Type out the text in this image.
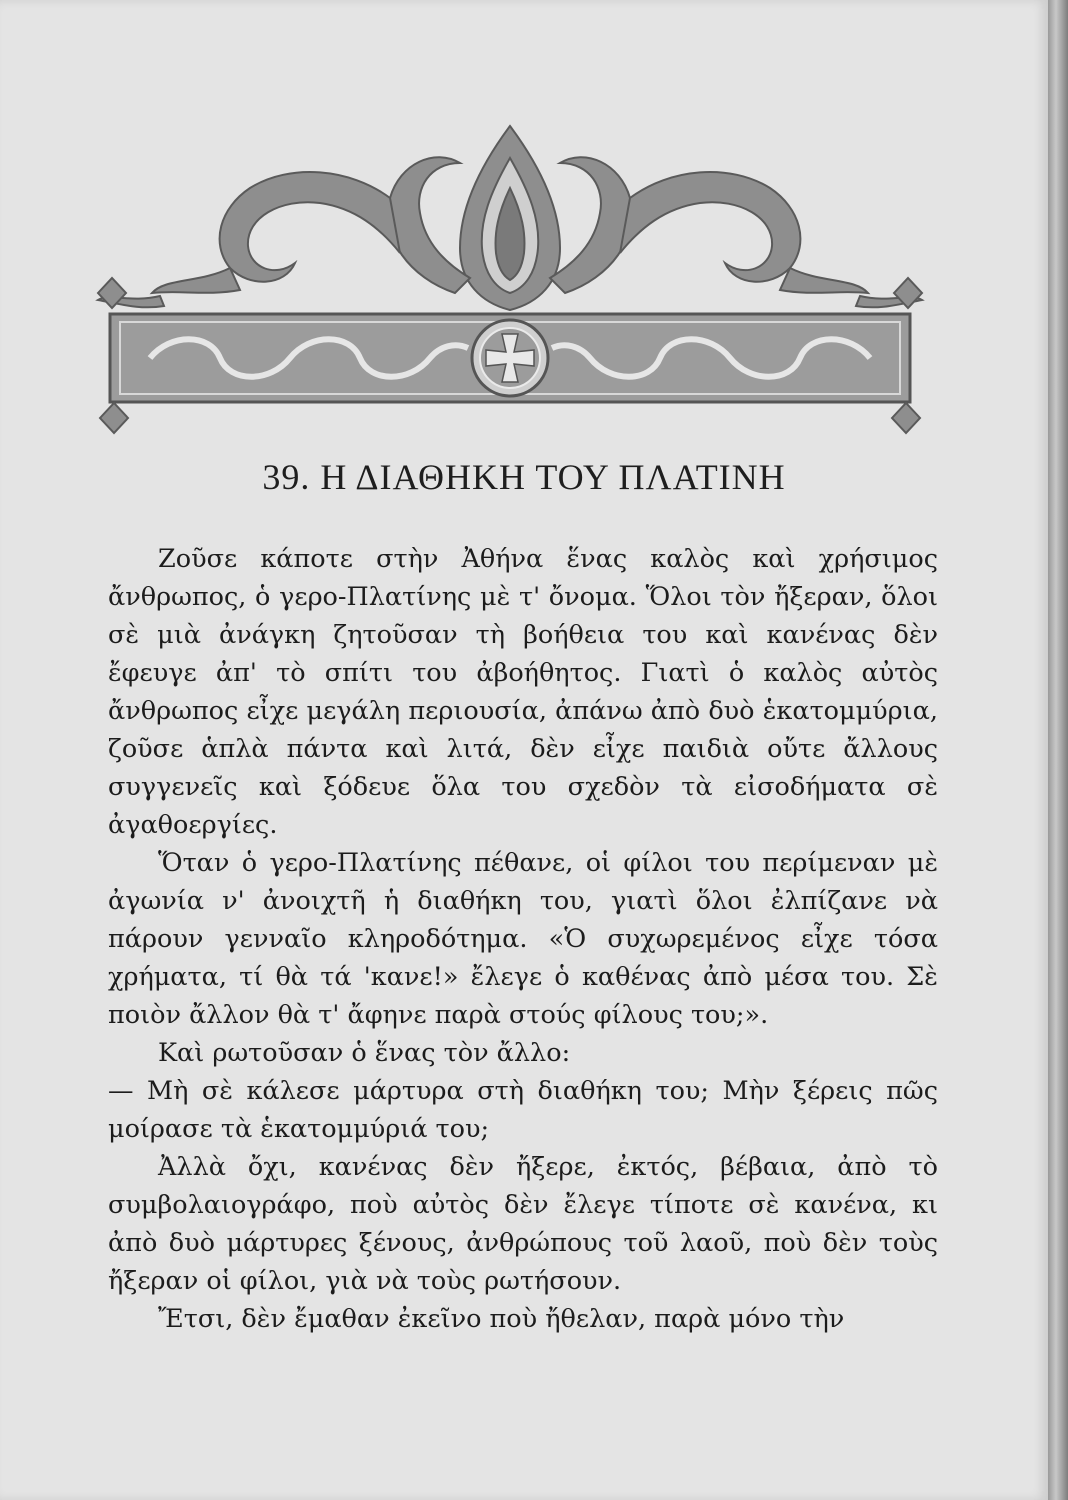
39. Η ΔΙΑΘΗΚΗ ΤΟΥ ΠΛΑΤΙΝΗ

Ζοῦσε κάποτε στὴν Ἀθήνα ἕνας καλὸς καὶ χρήσιμος ἄνθρωπος, ὁ γερο-Πλατίνης μὲ τ' ὄνομα. Ὅλοι τὸν ἤξεραν, ὅλοι σὲ μιὰ ἀνάγκη ζητοῦσαν τὴ βοήθεια του καὶ κανένας δὲν ἔφευγε ἀπ' τὸ σπίτι του ἀβοήθητος. Γιατὶ ὁ καλὸς αὐτὸς ἄνθρωπος εἶχε μεγάλη περιουσία, ἀπάνω ἀπὸ δυὸ ἑκατομμύρια, ζοῦσε ἁπλὰ πάντα καὶ λιτά, δὲν εἶχε παιδιὰ οὔτε ἄλλους συγγενεῖς καὶ ξόδευε ὅλα του σχεδὸν τὰ εἰσοδήματα σὲ ἀγαθοεργίες.

Ὅταν ὁ γερο-Πλατίνης πέθανε, οἱ φίλοι του περίμεναν μὲ ἀγωνία ν' ἀνοιχτῆ ἡ διαθήκη του, γιατὶ ὅλοι ἐλπίζανε νὰ πάρουν γενναῖο κληροδότημα. «Ὁ συχωρεμένος εἶχε τόσα χρήματα, τί θὰ τά 'κανε!» ἔλεγε ὁ καθένας ἀπὸ μέσα του. Σὲ ποιὸν ἄλλον θὰ τ' ἄφηνε παρὰ στούς φίλους του;».

Καὶ ρωτοῦσαν ὁ ἕνας τὸν ἄλλο:

— Μὴ σὲ κάλεσε μάρτυρα στὴ διαθήκη του; Μὴν ξέρεις πῶς μοίρασε τὰ ἑκατομμύριά του;

Ἀλλὰ ὄχι, κανένας δὲν ἤξερε, ἐκτός, βέβαια, ἀπὸ τὸ συμβολαιογράφο, ποὺ αὐτὸς δὲν ἔλεγε τίποτε σὲ κανένα, κι ἀπὸ δυὸ μάρτυρες ξένους, ἀνθρώπους τοῦ λαοῦ, ποὺ δὲν τοὺς ἤξεραν οἱ φίλοι, γιὰ νὰ τοὺς ρωτήσουν.

Ἔτσι, δὲν ἔμαθαν ἐκεῖνο ποὺ ἤθελαν, παρὰ μόνο τὴν
